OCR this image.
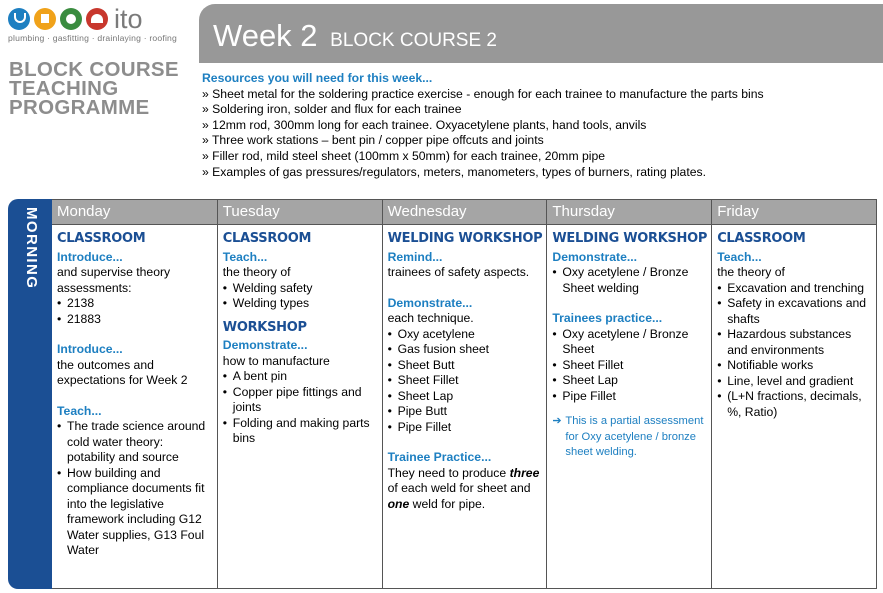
ito
plumbing · gasfitting · drainlaying · roofing
BLOCK COURSE
TEACHING
PROGRAMME
Week 2 BLOCK COURSE 2
Resources you will need for this week...
» Sheet metal for the soldering practice exercise - enough for each trainee to manufacture the parts bins
» Soldering iron, solder and flux for each trainee
» 12mm rod, 300mm long for each trainee. Oxyacetylene plants, hand tools, anvils
» Three work stations – bent pin / copper pipe offcuts and joints
» Filler rod, mild steel sheet (100mm x 50mm) for each trainee, 20mm pipe
» Examples of gas pressures/regulators, meters, manometers, types of burners, rating plates.
MORNING	Monday
CLASSROOM
Introduce...
and supervise theory assessments:
• 2138
• 21883
Introduce...
the outcomes and expectations for Week 2
Teach...
• The trade science around cold water theory: potability and source
• How building and compliance documents fit into the legislative framework including G12 Water supplies, G13 Foul Water
Tuesday
CLASSROOM
Teach...
the theory of
• Welding safety
• Welding types
WORKSHOP
Demonstrate...
how to manufacture
• A bent pin
• Copper pipe fittings and joints
• Folding and making parts bins
Wednesday
WELDING WORKSHOP
Remind...
trainees of safety aspects.
Demonstrate...
each technique.
• Oxy acetylene
• Gas fusion sheet
• Sheet Butt
• Sheet Fillet
• Sheet Lap
• Pipe Butt
• Pipe Fillet
Trainee Practice...
They need to produce three of each weld for sheet and one weld for pipe.
Thursday
WELDING WORKSHOP
Demonstrate...
• Oxy acetylene / Bronze Sheet welding
Trainees practice...
• Oxy acetylene / Bronze Sheet
• Sheet Fillet
• Sheet Lap
• Pipe Fillet
➔ This is a partial assessment for Oxy acetylene / bronze sheet welding.
Friday
CLASSROOM
Teach...
the theory of
• Excavation and trenching
• Safety in excavations and shafts
• Hazardous substances and environments
• Notifiable works
• Line, level and gradient
• (L+N fractions, decimals, %, Ratio)
